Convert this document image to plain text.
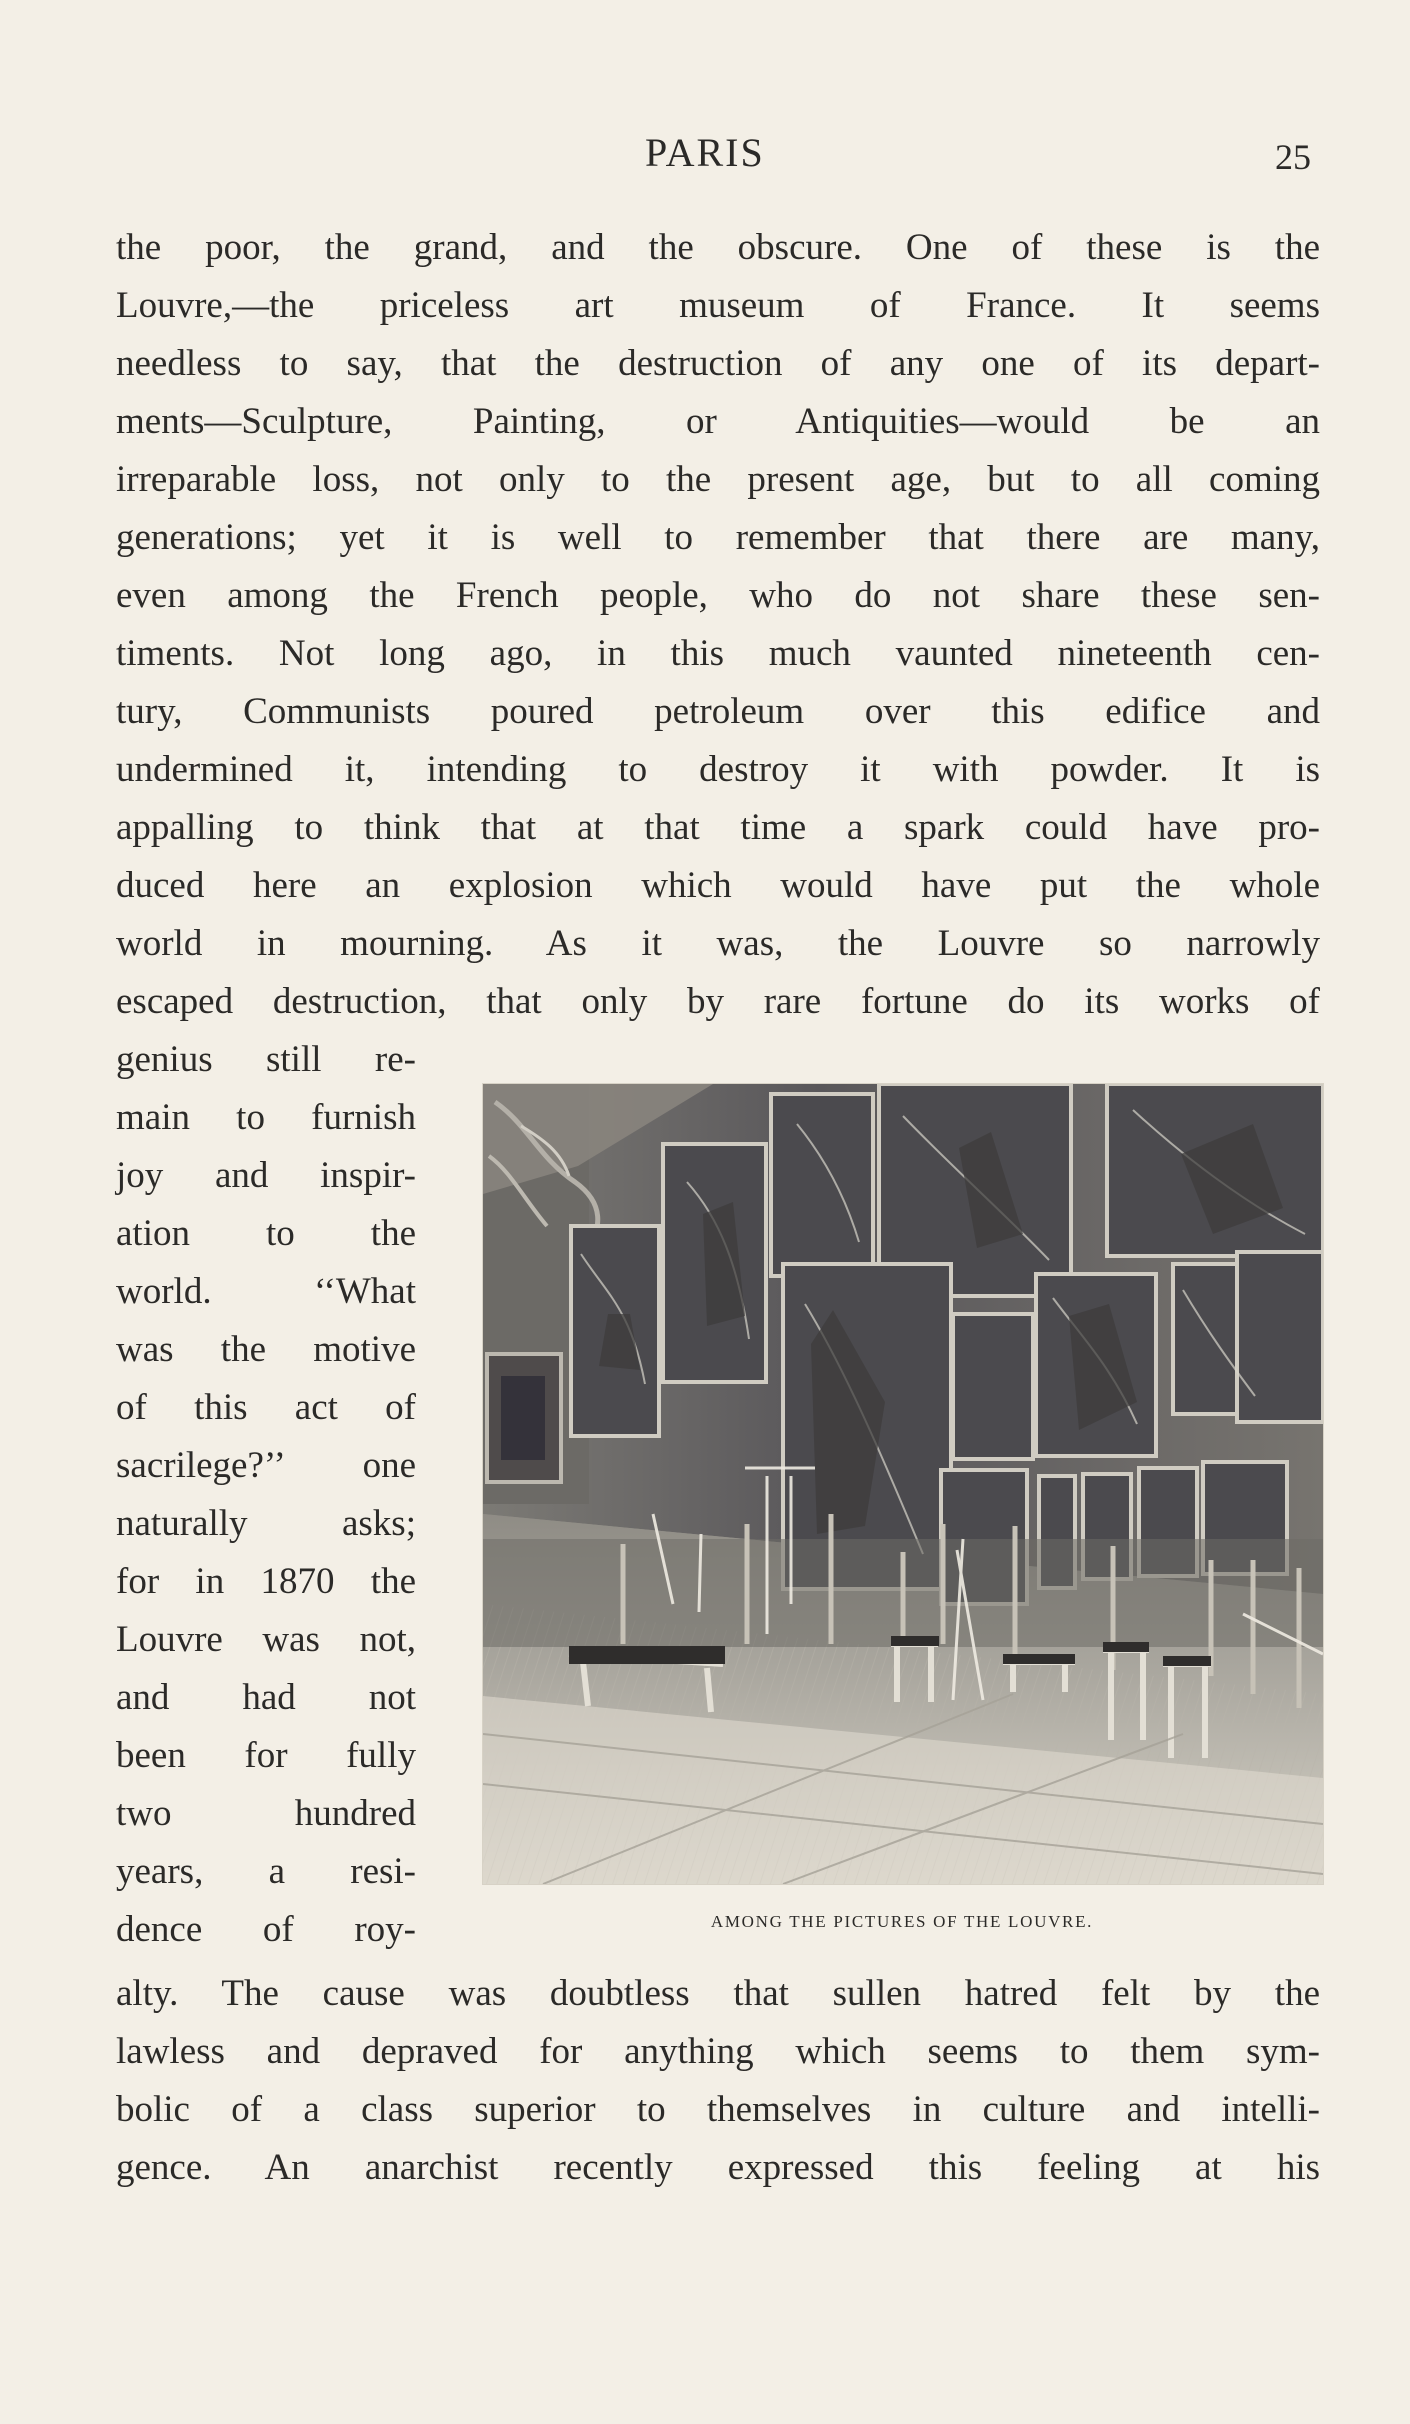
PARIS	25
the poor, the grand, and the obscure. One of these is the
Louvre,—the priceless art museum of France. It seems
needless to say, that the destruction of any one of its depart-
ments—Sculpture, Painting, or Antiquities—would be an
irreparable loss, not only to the present age, but to all coming
generations; yet it is well to remember that there are many,
even among the French people, who do not share these sen-
timents. Not long ago, in this much vaunted nineteenth cen-
tury, Communists poured petroleum over this edifice and
undermined it, intending to destroy it with powder. It is
appalling to think that at that time a spark could have pro-
duced here an explosion which would have put the whole
world in mourning. As it was, the Louvre so narrowly
escaped destruction, that only by rare fortune do its works of
genius still re-
main to furnish
joy and inspir-
ation to the
world. ‘‘What
was the motive
of this act of
sacrilege?’’ one
naturally asks;
for in 1870 the
Louvre was not,
and had not
been for fully
two hundred
years, a resi-
dence of roy-
alty. The cause was doubtless that sullen hatred felt by the
lawless and depraved for anything which seems to them sym-
bolic of a class superior to themselves in culture and intelli-
gence. An anarchist recently expressed this feeling at his
AMONG THE PICTURES OF THE LOUVRE.
